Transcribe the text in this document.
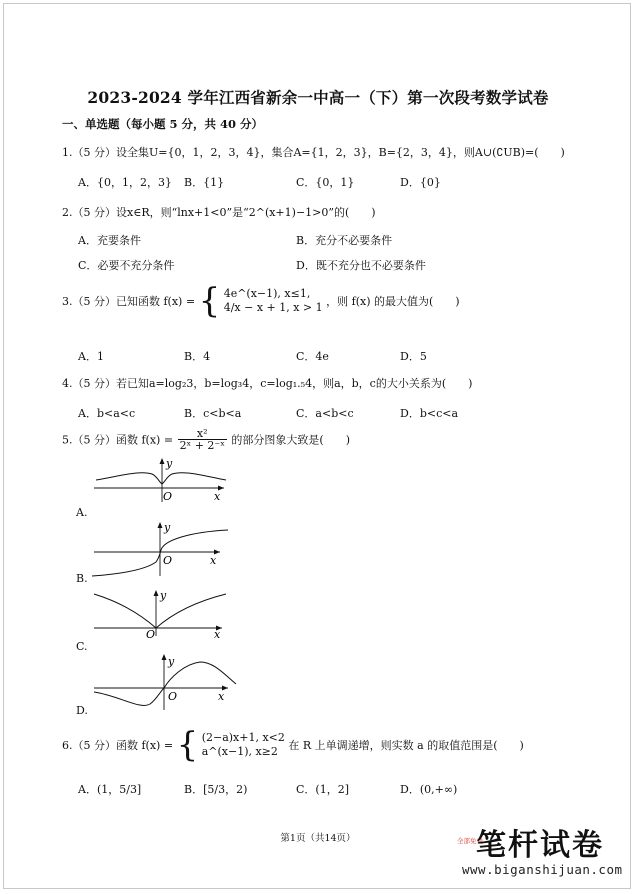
2023-2024 学年江西省新余一中高一（下）第一次段考数学试卷
一、单选题（每小题 5 分，共 40 分）
1.（5 分）设全集U={0，1，2，3，4}，集合A={1，2，3}，B={2，3，4}，则A∪(∁UB)=(　　)
A．{0，1，2，3} B．{1}	C．{0，1}	D．{0}
2.（5 分）设x∈R，则“lnx+1<0”是“2^(x+1)−1>0”的(　　)
A．充要条件	B．充分不必要条件
C．必要不充分条件	D．既不充分也不必要条件
3.（5 分）已知函数 f(x) = { 4e^(x−1), x≤1,
4/x − x + 1, x > 1 ，则 f(x) 的最大值为(　　)
A．1	B．4	C．4e	D．5
4.（5 分）若已知a=log₂3，b=log₃4，c=log₁.₅4，则a，b，c的大小关系为(　　)
A．b<a<c	B．c<b<a	C．a<b<c	D．b<c<a
5.（5 分）函数 $f(x) = \frac{\text{x²}}{\text{2ˣ + 2⁻ˣ}}$ 的部分图象大致是(　　)
y
x
O
A.
y
x
O
B.
y
x
O
C.
y
x
O
D.
6.（5 分）函数 f(x) = { (2−a)x+1, x<2
a^(x−1), x≥2 在 R 上单调递增，则实数 a 的取值范围是(　　)
A．(1，5/3]	B．[5/3，2)	C．(1，2]	D．(0,+∞)
第1页（共14页）	全部免费
笔杆试卷
www.biganshijuan.com
